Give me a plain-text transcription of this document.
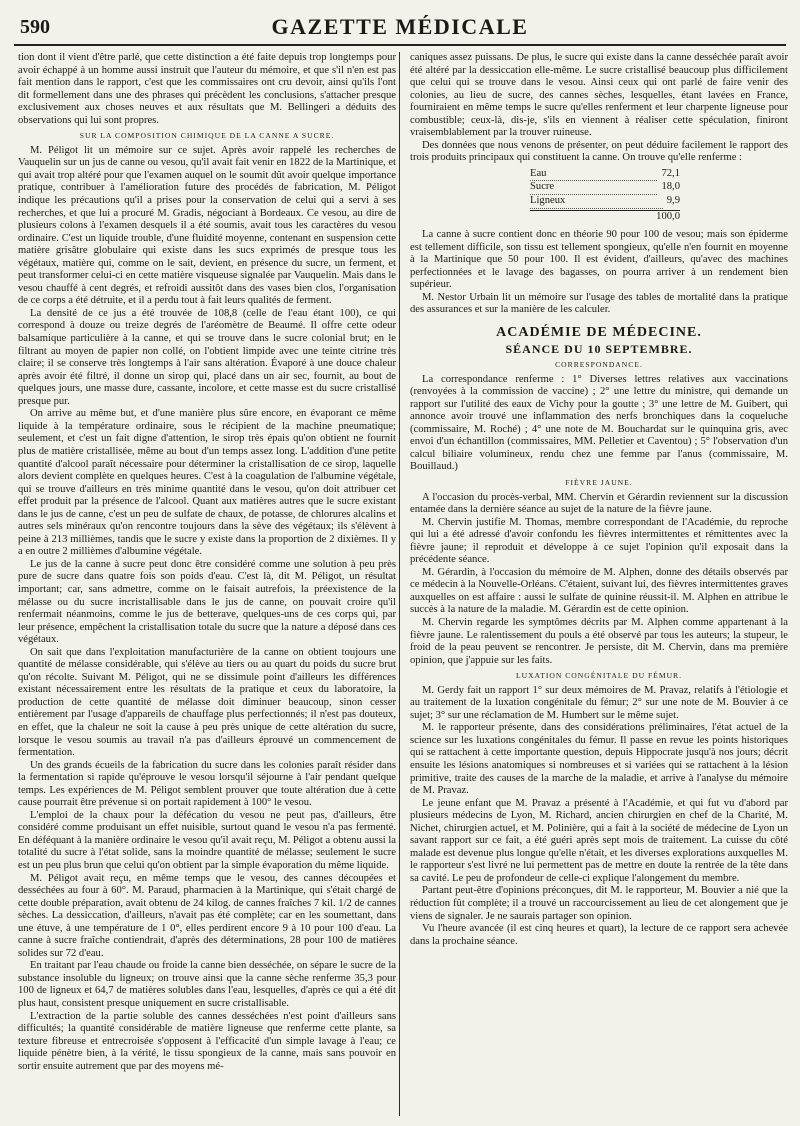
590	GAZETTE MÉDICALE

tion dont il vient d'être parlé, que cette distinction a été faite depuis trop longtemps pour avoir échappé à un homme aussi instruit que l'auteur du mémoire, et que s'il n'en est pas fait mention dans le rapport, c'est que les commissaires ont cru devoir, ainsi qu'ils l'ont dit formellement dans une des phrases qui précèdent les conclusions, s'attacher presque exclusivement aux choses neuves et aux résultats que M. Bellingeri a déduits des observations qui lui sont propres.

SUR LA COMPOSITION CHIMIQUE DE LA CANNE A SUCRE.

M. Péligot lit un mémoire sur ce sujet. Après avoir rappelé les recherches de Vauquelin sur un jus de canne ou vesou, qu'il avait fait venir en 1822 de la Martinique, et qui avait trop altéré pour que l'examen auquel on le soumit dût avoir quelque importance pratique, contribuer à l'amélioration future des procédés de fabrication, M. Péligot indique les précautions qu'il a prises pour la conservation de celui qui a servi à ses recherches, et que lui a procuré M. Gradis, négociant à Bordeaux. Ce vesou, au dire de plusieurs colons à l'examen desquels il a été soumis, avait tous les caractères du vesou ordinaire. C'est un liquide trouble, d'une fluidité moyenne, contenant en suspension cette matière grisâtre globulaire qui existe dans les sucs exprimés de presque tous les végétaux, matière qui, comme on le sait, devient, en présence du sucre, un ferment, et peut transformer celui-ci en cette matière visqueuse signalée par Vauquelin. Mais dans le vesou chauffé à cent degrés, et refroidi aussitôt dans des vases bien clos, l'organisation de ce corps a été détruite, et il a perdu tout à fait leurs qualités de ferment.

La densité de ce jus a été trouvée de 108,8 (celle de l'eau étant 100), ce qui correspond à douze ou treize degrés de l'aréomètre de Beaumé. Il offre cette odeur balsamique particulière à la canne, et qui se trouve dans le sucre colonial brut; en le filtrant au moyen de papier non collé, on l'obtient limpide avec une teinte citrine très claire; il se conserve très longtemps à l'air sans altération. Évaporé à une douce chaleur après avoir été filtré, il donne un sirop qui, placé dans un air sec, fournit, au bout de quelques jours, une masse dure, cassante, incolore, et cette masse est du sucre cristallisé presque pur.

On arrive au même but, et d'une manière plus sûre encore, en évaporant ce même liquide à la température ordinaire, sous le récipient de la machine pneumatique; seulement, et c'est un fait digne d'attention, le sirop très épais qu'on obtient ne fournit plus de matière cristallisée, même au bout d'un temps assez long. L'addition d'une petite quantité d'alcool paraît nécessaire pour déterminer la cristallisation de ce sirop, laquelle alors devient complète en quelques heures. C'est à la coagulation de l'albumine végétale, qui se trouve d'ailleurs en très minime quantité dans le vesou, qu'on doit attribuer cet effet produit par la présence de l'alcool. Quant aux matières autres que le sucre existant dans le jus de canne, c'est un peu de sulfate de chaux, de potasse, de chlorures alcalins et autres sels minéraux qu'on rencontre toujours dans la sève des végétaux; ils s'élèvent à peine à 213 millièmes, tandis que le sucre y existe dans la proportion de 2 dixièmes. Il y a en outre 2 millièmes d'albumine végétale.

Le jus de la canne à sucre peut donc être considéré comme une solution à peu près pure de sucre dans quatre fois son poids d'eau. C'est là, dit M. Péligot, un résultat important; car, sans admettre, comme on le faisait autrefois, la préexistence de la mélasse ou du sucre incristallisable dans le jus de canne, on pouvait croire qu'il renfermait néanmoins, comme le jus de betterave, quelques-uns de ces corps qui, par leur présence, empêchent la cristallisation totale du sucre que la nature a déposé dans ces végétaux.

On sait que dans l'exploitation manufacturière de la canne on obtient toujours une quantité de mélasse considérable, qui s'élève au tiers ou au quart du poids du sucre brut qu'on récolte. Suivant M. Péligot, qui ne se dissimule point d'ailleurs les différences existant nécessairement entre les résultats de la pratique et ceux du laboratoire, la production de cette quantité de mélasse doit diminuer beaucoup, sinon cesser entièrement par l'usage d'appareils de chauffage plus perfectionnés; il n'est pas douteux, en effet, que la chaleur ne soit la cause à peu près unique de cette altération du sucre, lorsque le vesou soumis au travail n'a pas d'ailleurs éprouvé un commencement de fermentation.

Un des grands écueils de la fabrication du sucre dans les colonies paraît résider dans la fermentation si rapide qu'éprouve le vesou lorsqu'il séjourne à l'air pendant quelque temps. Les expériences de M. Péligot semblent prouver que toute altération due à cette cause pourrait être prévenue si on portait rapidement à 100° le vesou.

L'emploi de la chaux pour la défécation du vesou ne peut pas, d'ailleurs, être considéré comme produisant un effet nuisible, surtout quand le vesou n'a pas fermenté. En déféquant à la manière ordinaire le vesou qu'il avait reçu, M. Péligot a obtenu aussi la totalité du sucre à l'état solide, sans la moindre quantité de mélasse; seulement le sucre est un peu plus brun que celui qu'on obtient par la simple évaporation du même liquide.

M. Péligot avait reçu, en même temps que le vesou, des cannes découpées et desséchées au four à 60°. M. Paraud, pharmacien à la Martinique, qui s'était chargé de cette double préparation, avait obtenu de 24 kilog. de cannes fraîches 7 kil. 1/2 de cannes sèches. La dessiccation, d'ailleurs, n'avait pas été complète; car en les soumettant, dans une étuve, à une température de 1 0°, elles perdirent encore 9 à 10 pour 100 d'eau. La canne à sucre fraîche contiendrait, d'après des déterminations, 28 pour 100 de matières solides sur 72 d'eau.

En traitant par l'eau chaude ou froide la canne bien desséchée, on sépare le sucre de la substance insoluble du ligneux; on trouve ainsi que la canne sèche renferme 35,3 pour 100 de ligneux et 64,7 de matières solubles dans l'eau, lesquelles, d'après ce qui a été dit plus haut, consistent presque uniquement en sucre cristallisable.

L'extraction de la partie soluble des cannes desséchées n'est point d'ailleurs sans difficultés; la quantité considérable de matière ligneuse que renferme cette plante, sa texture fibreuse et entrecroisée s'opposent à l'efficacité d'un simple lavage à l'eau; ce liquide pénètre bien, à la vérité, le tissu spongieux de la canne, mais sans pouvoir en sortir ensuite autrement que par des moyens mé-

caniques assez puissans. De plus, le sucre qui existe dans la canne desséchée paraît avoir été altéré par la dessiccation elle-même. Le sucre cristallisé beaucoup plus difficilement que celui qui se trouve dans le vesou. Ainsi ceux qui ont parlé de faire venir des colonies, au lieu de sucre, des cannes sèches, lesquelles, étant lavées en France, fourniraient en même temps le sucre qu'elles renferment et leur charpente ligneuse pour combustible; ceux-là, dis-je, s'ils en viennent à réaliser cette spéculation, finiront vraisemblablement par la trouver ruineuse.

Des données que nous venons de présenter, on peut déduire facilement le rapport des trois produits principaux qui constituent la canne. On trouve qu'elle renferme :

Eau	72,1
Sucre	18,0
Ligneux	9,9
100,0

La canne à sucre contient donc en théorie 90 pour 100 de vesou; mais son épiderme est tellement difficile, son tissu est tellement spongieux, qu'elle n'en fournit en moyenne à la Martinique que 50 pour 100. Il est évident, d'ailleurs, qu'avec des machines perfectionnées et le lavage des bagasses, on pourra arriver à un rendement bien supérieur.

M. Nestor Urbain lit un mémoire sur l'usage des tables de mortalité dans la pratique des assurances et sur la manière de les calculer.

ACADÉMIE DE MÉDECINE.
SÉANCE DU 10 SEPTEMBRE.
CORRESPONDANCE.

La correspondance renferme : 1° Diverses lettres relatives aux vaccinations (renvoyées à la commission de vaccine) ; 2° une lettre du ministre, qui demande un rapport sur l'utilité des eaux de Vichy pour la goutte ; 3° une lettre de M. Guibert, qui annonce avoir trouvé une inflammation des nerfs bronchiques dans la coqueluche (commissaire, M. Roché) ; 4° une note de M. Bouchardat sur le quinquina gris, avec envoi d'un échantillon (commissaires, MM. Pelletier et Caventou) ; 5° l'observation d'un calcul biliaire volumineux, rendu chez une femme par l'anus (commissaire, M. Bouillaud.)

FIÈVRE JAUNE.

A l'occasion du procès-verbal, MM. Chervin et Gérardin reviennent sur la discussion entamée dans la dernière séance au sujet de la nature de la fièvre jaune.

M. Chervin justifie M. Thomas, membre correspondant de l'Académie, du reproche qui lui a été adressé d'avoir confondu les fièvres intermittentes et rémittentes avec la fièvre jaune; il reproduit et développe à ce sujet l'opinion qu'il exposait dans la précédente séance.

M. Gérardin, à l'occasion du mémoire de M. Alphen, donne des détails observés par ce médecin à la Nouvelle-Orléans. C'étaient, suivant lui, des fièvres intermittentes graves auxquelles on est affaire : aussi le sulfate de quinine réussit-il. M. Alphen en attribue le succès à la nature de la maladie. M. Gérardin est de cette opinion.

M. Chervin regarde les symptômes décrits par M. Alphen comme appartenant à la fièvre jaune. Le ralentissement du pouls a été observé par tous les auteurs; la stupeur, le froid de la peau peuvent se rencontrer. Je persiste, dit M. Chervin, dans ma première opinion, que j'appuie sur les faits.

LUXATION CONGÉNITALE DU FÉMUR.

M. Gerdy fait un rapport 1° sur deux mémoires de M. Pravaz, relatifs à l'étiologie et au traitement de la luxation congénitale du fémur; 2° sur une note de M. Bouvier à ce sujet; 3° sur une réclamation de M. Humbert sur le même sujet.

M. le rapporteur présente, dans des considérations préliminaires, l'état actuel de la science sur les luxations congénitales du fémur. Il passe en revue les points historiques qui se rattachent à cette importante question, depuis Hippocrate jusqu'à nos jours; décrit ensuite les lésions anatomiques si nombreuses et si variées qui se rattachent à la lésion primitive, traite des causes de la marche de la maladie, et arrive à l'analyse du mémoire de M. Pravaz.

Le jeune enfant que M. Pravaz a présenté à l'Académie, et qui fut vu d'abord par plusieurs médecins de Lyon, M. Richard, ancien chirurgien en chef de la Charité, M. Nichet, chirurgien actuel, et M. Polinière, qui a fait à la société de médecine de Lyon un savant rapport sur ce fait, a été guéri après sept mois de traitement. La cuisse du côté malade est devenue plus longue qu'elle n'était, et les diverses explorations auxquelles M. le rapporteur s'est livré ne lui permettent pas de mettre en doute la rentrée de la tête dans sa cavité. Le peu de profondeur de celle-ci explique l'alongement du membre.

Partant peut-être d'opinions préconçues, dit M. le rapporteur, M. Bouvier a nié que la réduction fût complète; il a trouvé un raccourcissement au lieu de cet alongement que je viens de signaler. Je ne saurais partager son opinion.

Vu l'heure avancée (il est cinq heures et quart), la lecture de ce rapport sera achevée dans la prochaine séance.
